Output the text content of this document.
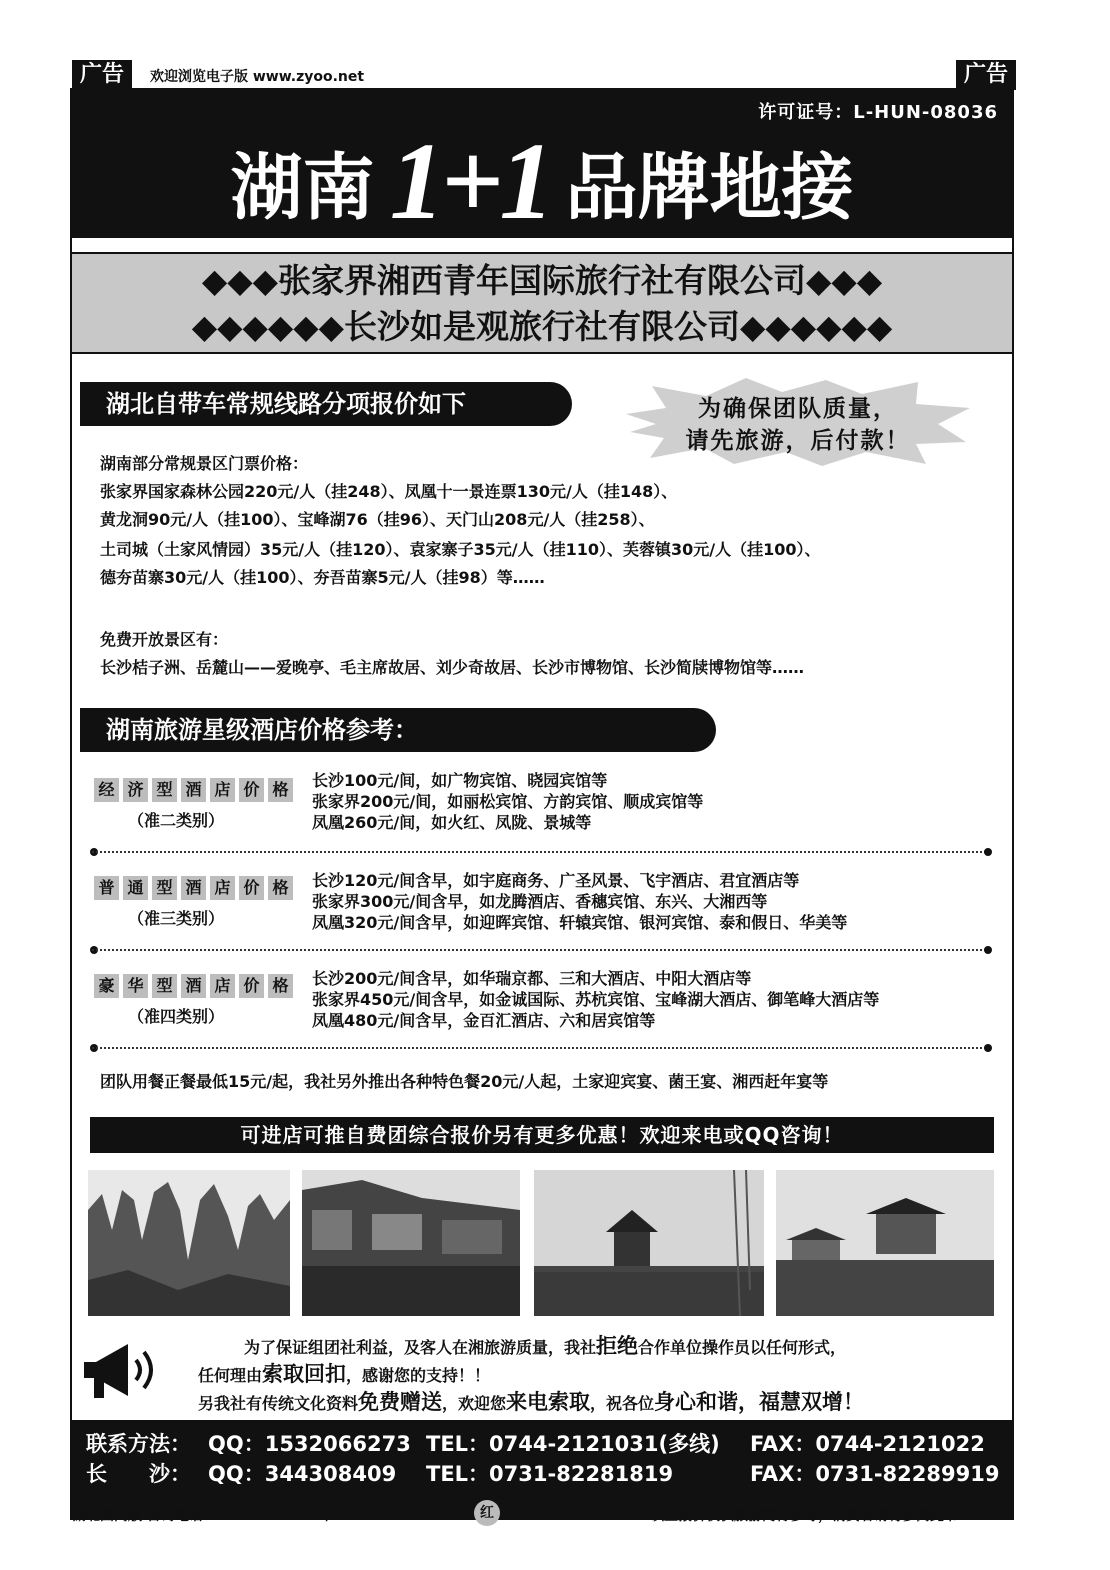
广告	欢迎浏览电子版 www.zyoo.net	广告
许可证号：L-HUN-08036
湖南 1+1 品牌地接
◆◆◆张家界湘西青年国际旅行社有限公司◆◆◆
◆◆◆◆◆◆长沙如是观旅行社有限公司◆◆◆◆◆◆
湖北自带车常规线路分项报价如下	为确保团队质量，
请先旅游，后付款！
湖南部分常规景区门票价格：
张家界国家森林公园220元/人（挂248）、凤凰十一景连票130元/人（挂148）、
黄龙洞90元/人（挂100）、宝峰湖76（挂96）、天门山208元/人（挂258）、
土司城（土家风情园）35元/人（挂120）、袁家寨子35元/人（挂110）、芙蓉镇30元/人（挂100）、
德夯苗寨30元/人（挂100）、夯吾苗寨5元/人（挂98）等……
免费开放景区有：
长沙桔子洲、岳麓山——爱晚亭、毛主席故居、刘少奇故居、长沙市博物馆、长沙简牍博物馆等……
湖南旅游星级酒店价格参考：
经 济 型 酒 店 价 格
（准二类别）
长沙100元/间，如广物宾馆、晓园宾馆等
张家界200元/间，如丽松宾馆、方韵宾馆、顺成宾馆等
凤凰260元/间，如火红、凤陇、景城等
普 通 型 酒 店 价 格
（准三类别）
长沙120元/间含早，如宇庭商务、广圣风景、飞宇酒店、君宜酒店等
张家界300元/间含早，如龙腾酒店、香穗宾馆、东兴、大湘西等
凤凰320元/间含早，如迎晖宾馆、轩辕宾馆、银河宾馆、泰和假日、华美等
豪 华 型 酒 店 价 格
（准四类别）
长沙200元/间含早，如华瑞京都、三和大酒店、中阳大酒店等
张家界450元/间含早，如金诚国际、苏杭宾馆、宝峰湖大酒店、御笔峰大酒店等
凤凰480元/间含早，金百汇酒店、六和居宾馆等
团队用餐正餐最低15元/起，我社另外推出各种特色餐20元/人起，土家迎宾宴、菌王宴、湘西赶年宴等
可进店可推自费团综合报价另有更多优惠！欢迎来电或QQ咨询！
为了保证组团社利益，及客人在湘旅游质量，我社拒绝合作单位操作员以任何形式，
任何理由索取回扣，感谢您的支持！！
另我社有传统文化资料免费赠送，欢迎您来电索取，祝各位身心和谐，福慧双增！
联系方法： QQ：1532066273 TEL：0744-2121031(多线) FAX：0744-2121022
长　　沙： QQ：344308409 TEL：0731-82281819	FAX：0731-82289919
湖北国内版 咨询电话 027-85350400 /15337218689	红 • 26 •	以上报价仅供旅游同行参考，消费者请勿参阅此书
